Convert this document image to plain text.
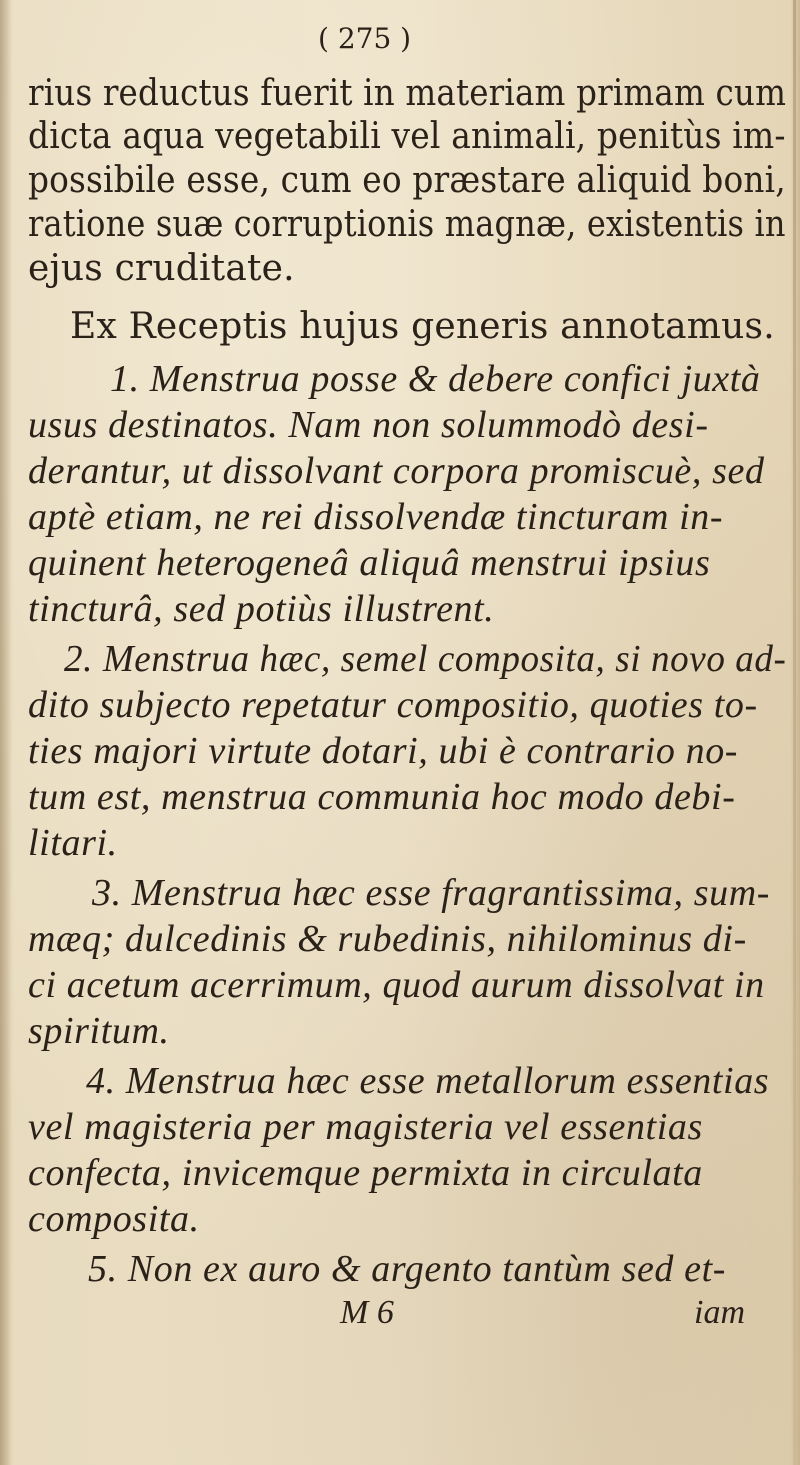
( 275 )
rius reductus fuerit in materiam primam cum
dicta aqua vegetabili vel animali, penitùs im-
possibile esse, cum eo præstare aliquid boni,
ratione suæ corruptionis magnæ, existentis in
ejus cruditate.
Ex Receptis hujus generis annotamus.
1. Menstrua posse & debere confici juxtà
usus destinatos. Nam non solummodò desi-
derantur, ut dissolvant corpora promiscuè, sed
aptè etiam, ne rei dissolvendæ tincturam in-
quinent heterogeneâ aliquâ menstrui ipsius
tincturâ, sed potiùs illustrent.
2. Menstrua hæc, semel composita, si novo ad-
dito subjecto repetatur compositio, quoties to-
ties majori virtute dotari, ubi è contrario no-
tum est, menstrua communia hoc modo debi-
litari.
3. Menstrua hæc esse fragrantissima, sum-
mæq; dulcedinis & rubedinis, nihilominus di-
ci acetum acerrimum, quod aurum dissolvat in
spiritum.
4. Menstrua hæc esse metallorum essentias
vel magisteria per magisteria vel essentias
confecta, invicemque permixta in circulata
composita.
5. Non ex auro & argento tantùm sed et-
M 6	iam
